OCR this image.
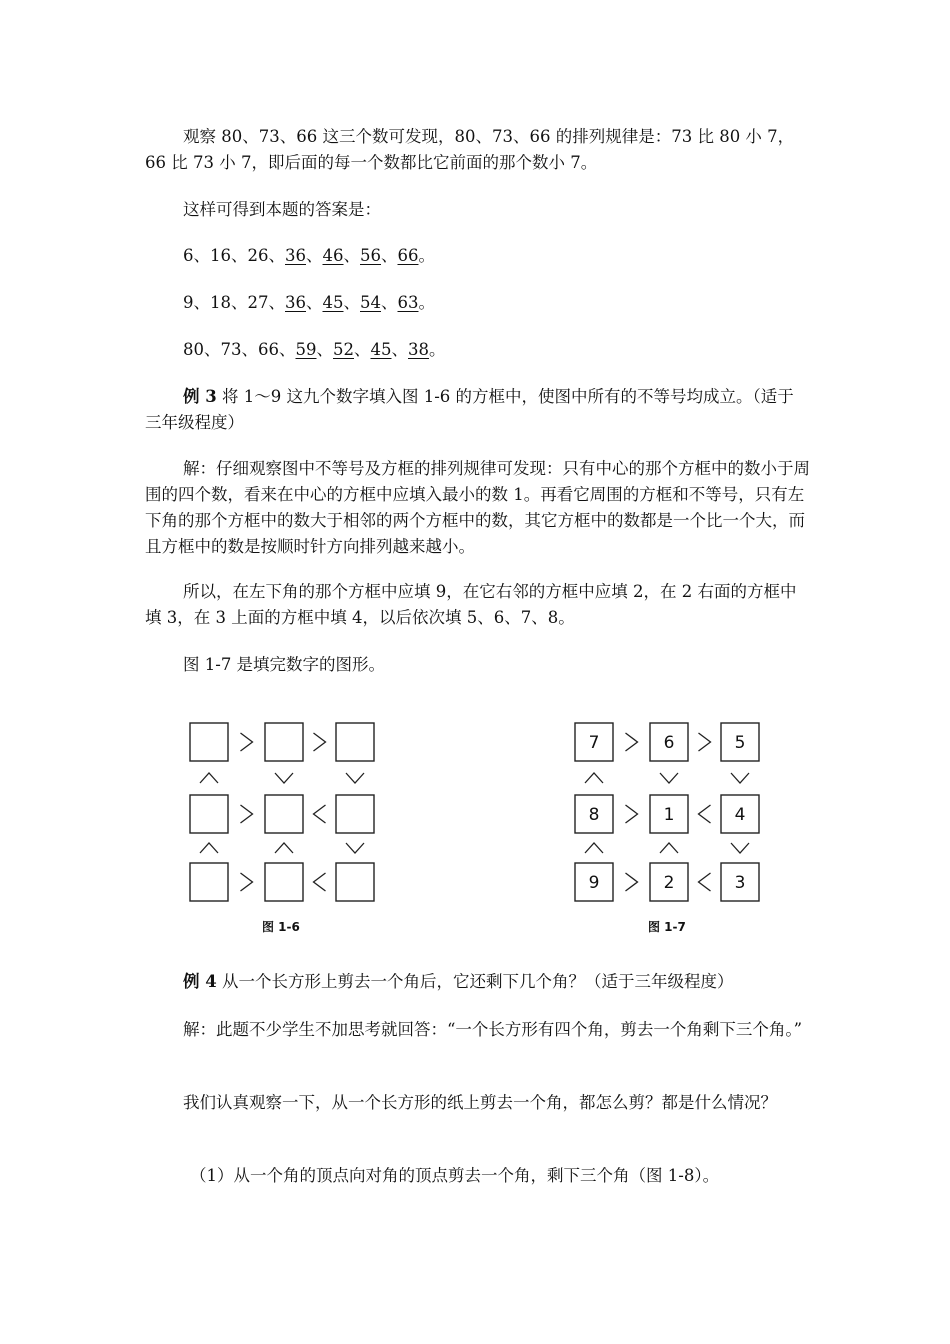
观察 80、73、66 这三个数可发现，80、73、66 的排列规律是：73 比 80 小 7，66 比 73 小 7，即后面的每一个数都比它前面的那个数小 7。

这样可得到本题的答案是：

6、16、26、36、46、56、66。

9、18、27、36、45、54、63。

80、73、66、59、52、45、38。

例 3 将 1～9 这九个数字填入图 1-6 的方框中，使图中所有的不等号均成立。（适于三年级程度）

解：仔细观察图中不等号及方框的排列规律可发现：只有中心的那个方框中的数小于周围的四个数，看来在中心的方框中应填入最小的数 1。再看它周围的方框和不等号，只有左下角的那个方框中的数大于相邻的两个方框中的数，其它方框中的数都是一个比一个大，而且方框中的数是按顺时针方向排列越来越小。

所以，在左下角的那个方框中应填 9，在它右邻的方框中应填 2，在 2 右面的方框中填 3，在 3 上面的方框中填 4，以后依次填 5、6、7、8。

图 1-7 是填完数字的图形。

图 1-6
7	6	5
8	1	4
9	2	3
图 1-7

例 4 从一个长方形上剪去一个角后，它还剩下几个角？（适于三年级程度）

解：此题不少学生不加思考就回答：“一个长方形有四个角，剪去一个角剩下三个角。”

我们认真观察一下，从一个长方形的纸上剪去一个角，都怎么剪？都是什么情况？

（1）从一个角的顶点向对角的顶点剪去一个角，剩下三个角（图 1-8）。
